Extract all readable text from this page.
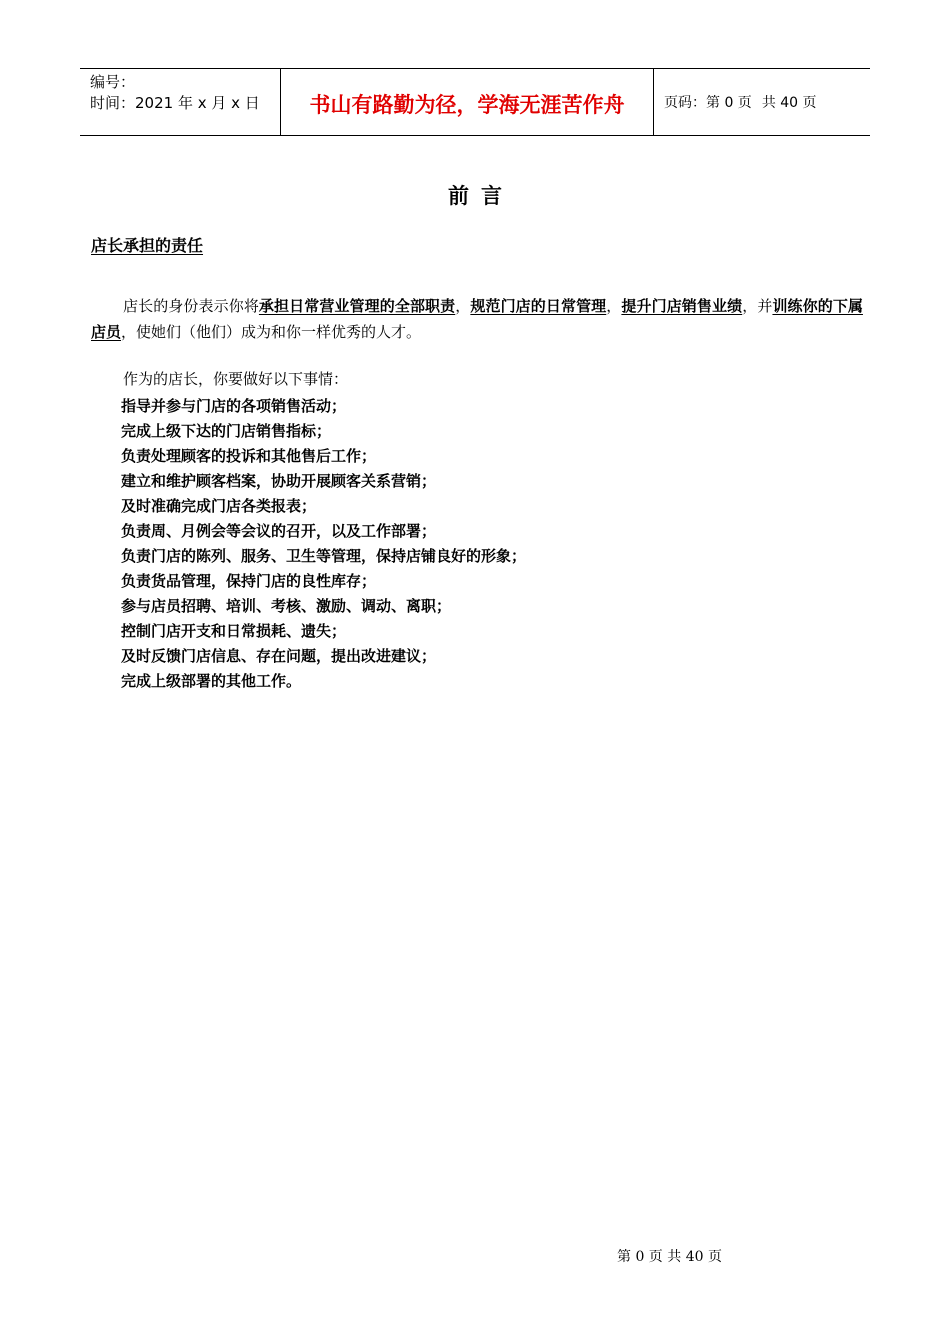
编号：
时间：2021 年 x 月 x 日	书山有路勤为径，学海无涯苦作舟	页码：第 0 页 共 40 页
前言
店长承担的责任

店长的身份表示你将承担日常营业管理的全部职责，规范门店的日常管理，提升门店销售业绩，并训练你的下属店员，使她们（他们）成为和你一样优秀的人才。

作为的店长，你要做好以下事情：
指导并参与门店的各项销售活动；
完成上级下达的门店销售指标；
负责处理顾客的投诉和其他售后工作；
建立和维护顾客档案，协助开展顾客关系营销；
及时准确完成门店各类报表；
负责周、月例会等会议的召开，以及工作部署；
负责门店的陈列、服务、卫生等管理，保持店铺良好的形象；
负责货品管理，保持门店的良性库存；
参与店员招聘、培训、考核、激励、调动、离职；
控制门店开支和日常损耗、遗失；
及时反馈门店信息、存在问题，提出改进建议；
完成上级部署的其他工作。
第 0 页 共 40 页
